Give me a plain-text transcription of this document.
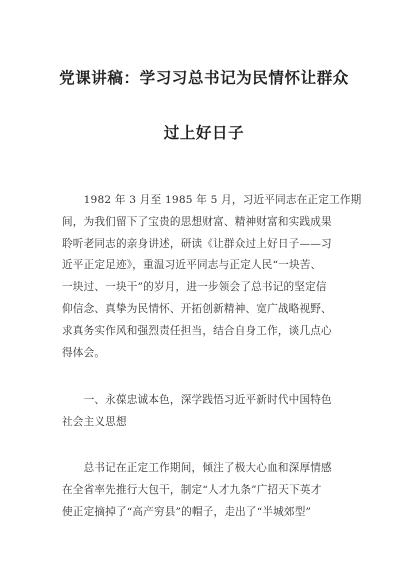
党课讲稿：学习习总书记为民情怀让群众
过上好日子
　　1982 年 3 月至 1985 年 5 月，习近平同志在正定工作期
间，为我们留下了宝贵的思想财富、精神财富和实践成果
聆听老同志的亲身讲述，研读《让群众过上好日子——习
近平正定足迹》，重温习近平同志与正定人民“一块苦、
一块过、一块干”的岁月，进一步领会了总书记的坚定信
仰信念、真挚为民情怀、开拓创新精神、宽广战略视野、
求真务实作风和强烈责任担当，结合自身工作，谈几点心
得体会。
　　一、永葆忠诚本色，深学践悟习近平新时代中国特色
社会主义思想
　　总书记在正定工作期间，倾注了极大心血和深厚情感
在全省率先推行大包干，制定“人才九条”广招天下英才
使正定摘掉了“高产穷县”的帽子，走出了“半城郊型”
